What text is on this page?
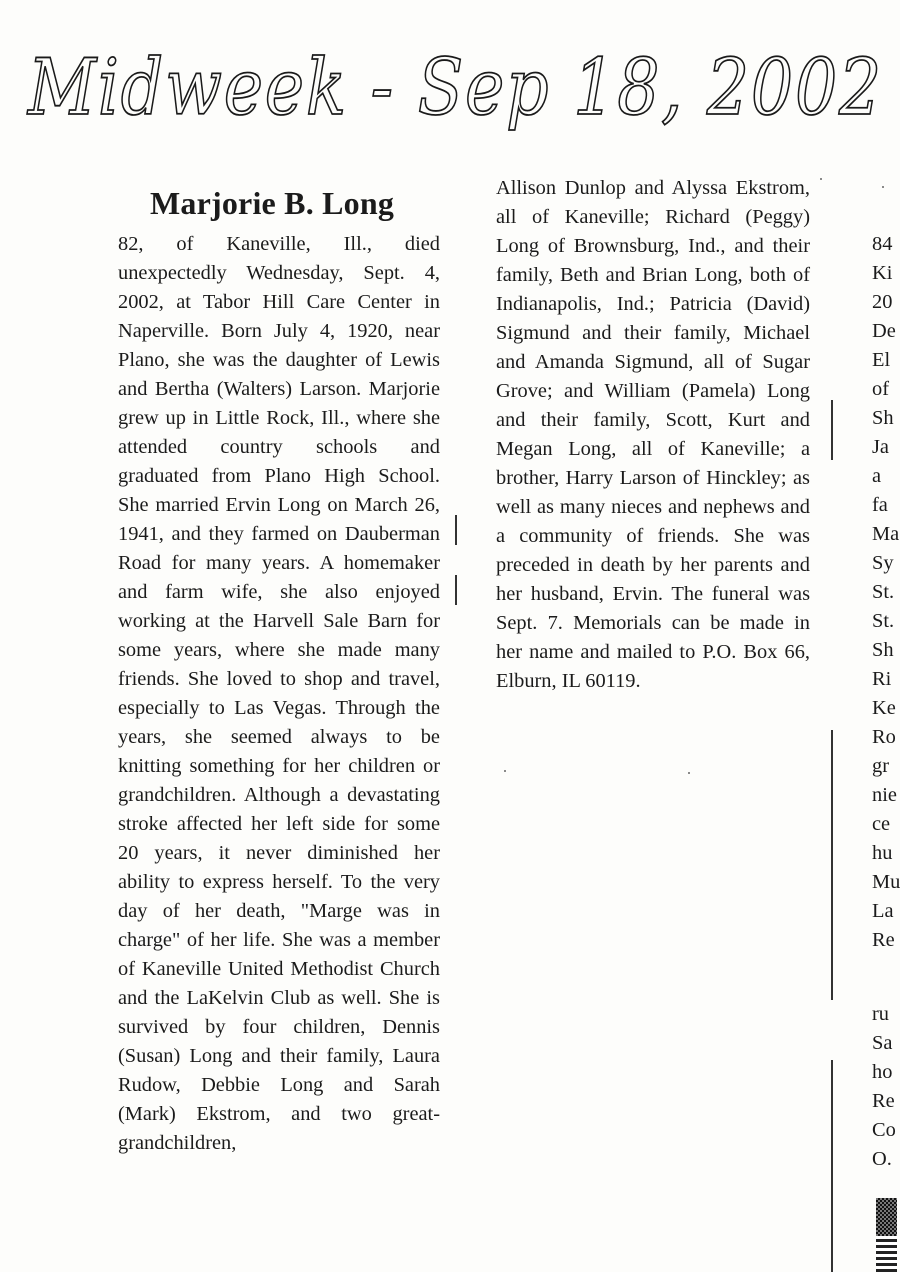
Midweek - Sep 18, 2002
Marjorie B. Long
82, of Kaneville, Ill., died unexpectedly Wednesday, Sept. 4, 2002, at Tabor Hill Care Center in Naperville. Born July 4, 1920, near Plano, she was the daughter of Lewis and Bertha (Walters) Larson. Marjorie grew up in Little Rock, Ill., where she attended country schools and graduated from Plano High School. She married Ervin Long on March 26, 1941, and they farmed on Dauberman Road for many years. A homemaker and farm wife, she also enjoyed working at the Harvell Sale Barn for some years, where she made many friends. She loved to shop and travel, especially to Las Vegas. Through the years, she seemed always to be knitting something for her children or grandchildren. Although a devastating stroke affected her left side for some 20 years, it never diminished her ability to express herself. To the very day of her death, "Marge was in charge" of her life. She was a member of Kaneville United Methodist Church and the LaKelvin Club as well. She is survived by four children, Dennis (Susan) Long and their family, Laura Rudow, Debbie Long and Sarah (Mark) Ekstrom, and two great-grandchildren,
Allison Dunlop and Alyssa Ekstrom, all of Kaneville; Richard (Peggy) Long of Brownsburg, Ind., and their family, Beth and Brian Long, both of Indianapolis, Ind.; Patricia (David) Sigmund and their family, Michael and Amanda Sigmund, all of Sugar Grove; and William (Pamela) Long and their family, Scott, Kurt and Megan Long, all of Kaneville; a brother, Harry Larson of Hinckley; as well as many nieces and nephews and a community of friends. She was preceded in death by her parents and her husband, Ervin. The funeral was Sept. 7. Memorials can be made in her name and mailed to P.O. Box 66, Elburn, IL 60119.
84
Ki
20
De
El
of
Sh
Ja
a
fa
Ma
Sy
St.
St.
Sh
Ri
Ke
Ro
gr
nie
ce
hu
Mu
La
Re
ru
Sa
ho
Re
Co
O.
